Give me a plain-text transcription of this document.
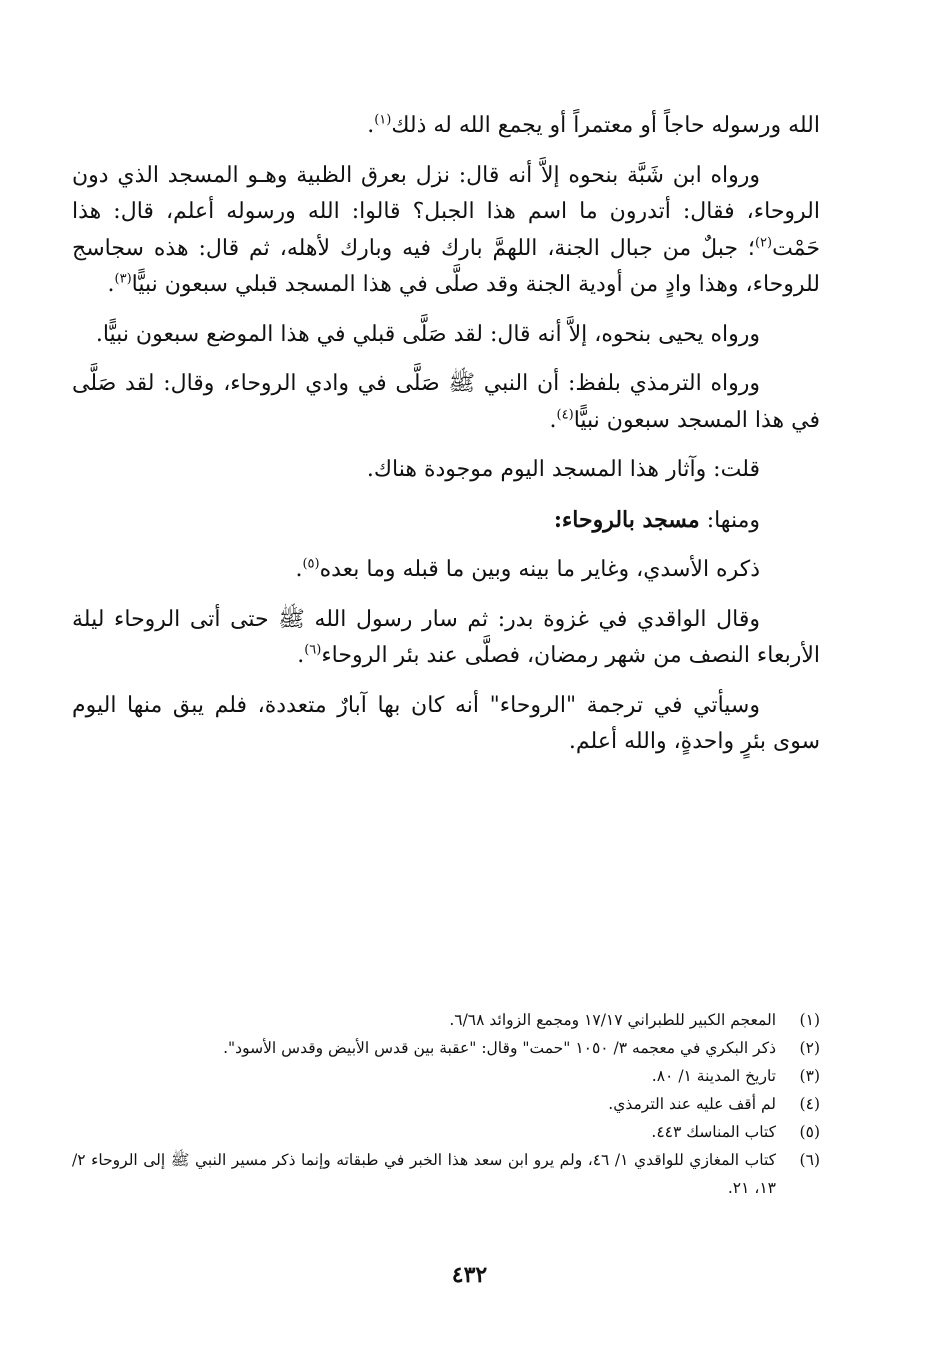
الله ورسوله حاجاً أو معتمراً أو يجمع الله له ذلك$^{(١)}$.

ورواه ابن شَبَّة بنحوه إلاَّ أنه قال: نزل بعرق الظبية وهـو المسجد الذي دون الروحاء، فقال: أتدرون ما اسم هذا الجبل؟ قالوا: الله ورسوله أعلم، قال: هذا حَمْت$^{(٢)}$؛ جبلٌ من جبال الجنة، اللهمَّ بارك فيه وبارك لأهله، ثم قال: هذه سجاسج للروحاء، وهذا وادٍ من أودية الجنة وقد صلَّى في هذا المسجد قبلي سبعون نبيًّا$^{(٣)}$.

ورواه يحيى بنحوه، إلاَّ أنه قال: لقد صَلَّى قبلي في هذا الموضع سبعون نبيًّا.

ورواه الترمذي بلفظ: أن النبي ﷺ صَلَّى في وادي الروحاء، وقال: لقد صَلَّى في هذا المسجد سبعون نبيًّا$^{(٤)}$.

قلت: وآثار هذا المسجد اليوم موجودة هناك.

ومنها: مسجد بالروحاء:

ذكره الأسدي، وغاير ما بينه وبين ما قبله وما بعده$^{(٥)}$.

وقال الواقدي في غزوة بدر: ثم سار رسول الله ﷺ حتى أتى الروحاء ليلة الأربعاء النصف من شهر رمضان، فصلَّى عند بئر الروحاء$^{(٦)}$.

وسيأتي في ترجمة "الروحاء" أنه كان بها آبارٌ متعددة، فلم يبق منها اليوم سوى بئرٍ واحدةٍ، والله أعلم.

(١)
المعجم الكبير للطبراني ١٧/١٧ ومجمع الزوائد ٦/٦٨.
(٢)
ذكر البكري في معجمه ٣/ ١٠٥٠ "حمت" وقال: "عقبة بين قدس الأبيض وقدس الأسود".
(٣)
تاريخ المدينة ١/ ٨٠.
(٤)
لم أقف عليه عند الترمذي.
(٥)
كتاب المناسك ٤٤٣.
(٦)
كتاب المغازي للواقدي ١/ ٤٦، ولم يرو ابن سعد هذا الخبر في طبقاته وإنما ذكر مسير النبي ﷺ إلى الروحاء ٢/ ١٣، ٢١.
٤٣٢
